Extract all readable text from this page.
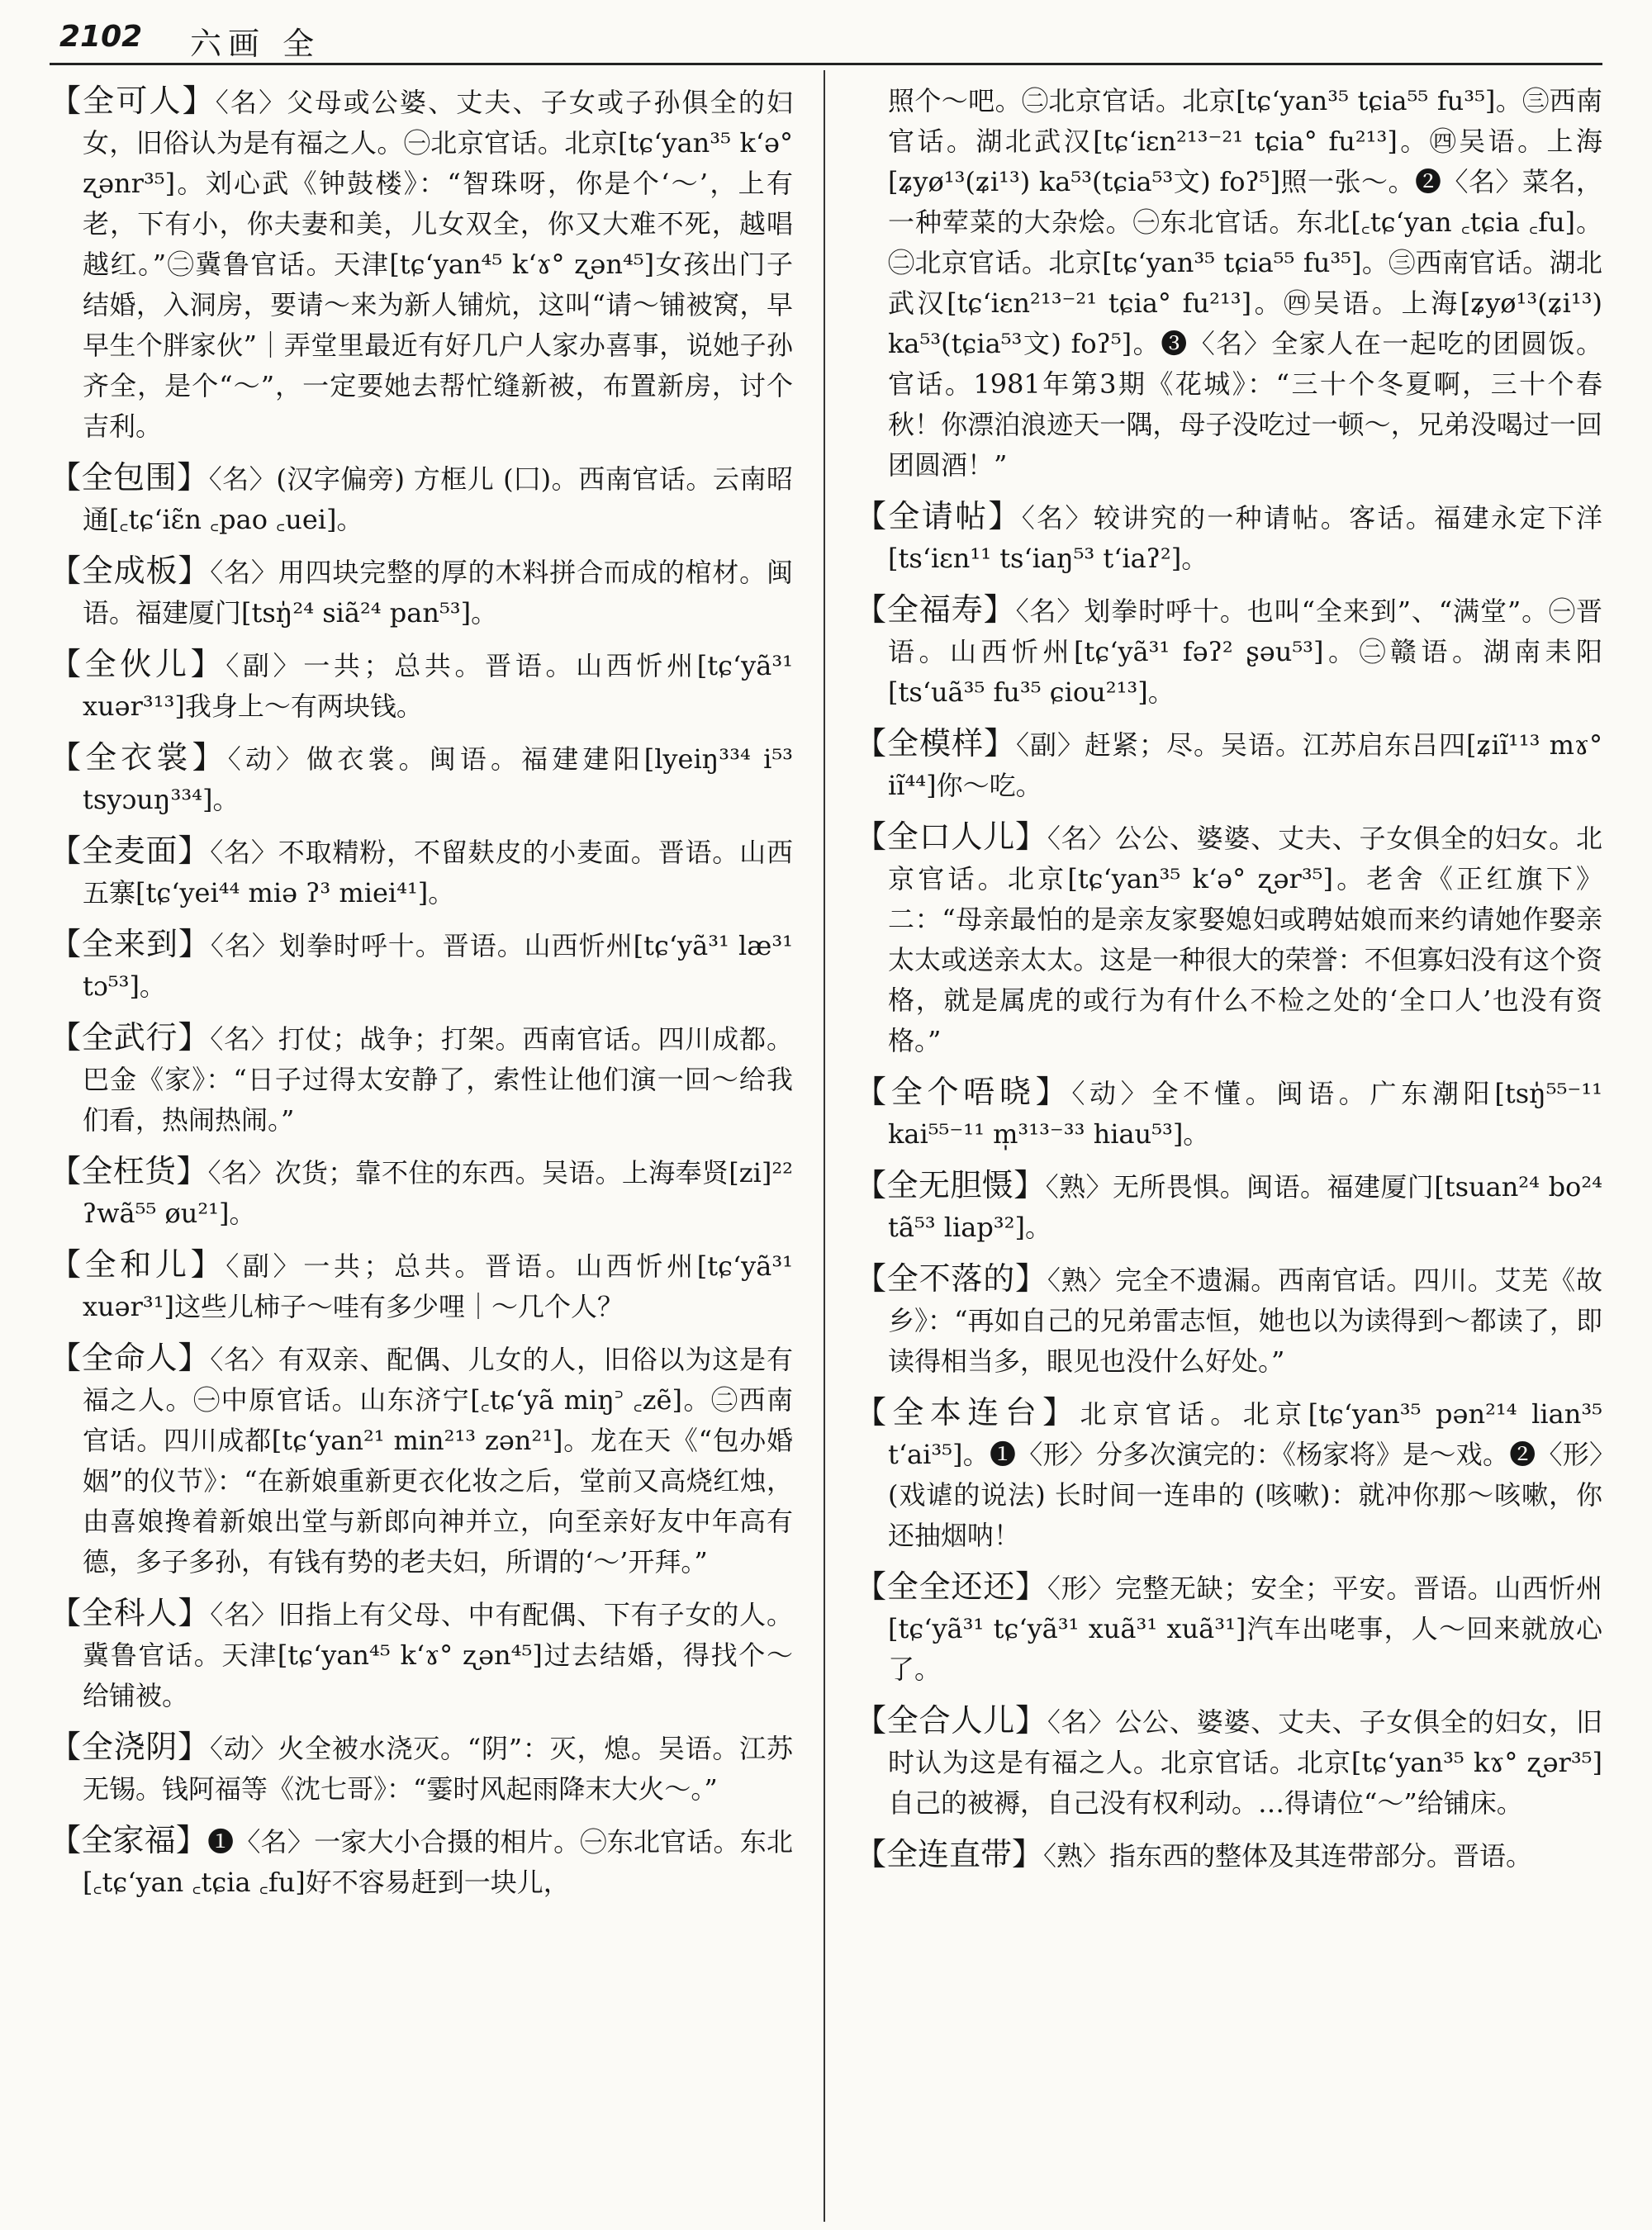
2102 六画 全

【全可人】〈名〉父母或公婆、丈夫、子女或子孙俱全的妇女，旧俗认为是有福之人。㊀北京官话。北京[tɕʻyan³⁵ kʻə° ʐənr³⁵]。刘心武《钟鼓楼》：“智珠呀，你是个‘～’，上有老，下有小，你夫妻和美，儿女双全，你又大难不死，越唱越红。”㊁冀鲁官话。天津[tɕʻyan⁴⁵ kʻɤ° ʐən⁴⁵]女孩出门子结婚，入洞房，要请～来为新人铺炕，这叫“请～铺被窝，早早生个胖家伙”｜弄堂里最近有好几户人家办喜事，说她子孙齐全，是个“～”，一定要她去帮忙缝新被，布置新房，讨个吉利。

【全包围】〈名〉(汉字偏旁) 方框儿 (囗)。西南官话。云南昭通[꜀tɕʻiɛ̃n ꜀pao ꜀uei]。

【全成板】〈名〉用四块完整的厚的木料拼合而成的棺材。闽语。福建厦门[tsŋ̍²⁴ siã²⁴ pan⁵³]。

【全伙儿】〈副〉一共；总共。晋语。山西忻州[tɕʻyã³¹ xuər³¹³]我身上～有两块钱。

【全衣裳】〈动〉做衣裳。闽语。福建建阳[lyeiŋ³³⁴ i⁵³ tsyɔuŋ³³⁴]。

【全麦面】〈名〉不取精粉，不留麸皮的小麦面。晋语。山西五寨[tɕʻyei⁴⁴ miə ʔ³ miei⁴¹]。

【全来到】〈名〉划拳时呼十。晋语。山西忻州[tɕʻyã³¹ læ³¹ tɔ⁵³]。

【全武行】〈名〉打仗；战争；打架。西南官话。四川成都。巴金《家》：“日子过得太安静了，索性让他们演一回～给我们看，热闹热闹。”

【全枉货】〈名〉次货；靠不住的东西。吴语。上海奉贤[zi]²² ʔwã⁵⁵ øu²¹]。

【全和儿】〈副〉一共；总共。晋语。山西忻州[tɕʻyã³¹ xuər³¹]这些儿柿子～哇有多少哩｜～几个人？

【全命人】〈名〉有双亲、配偶、儿女的人，旧俗以为这是有福之人。㊀中原官话。山东济宁[꜀tɕʻyã miŋ꜄ ꜀zẽ]。㊁西南官话。四川成都[tɕʻyan²¹ min²¹³ zən²¹]。龙在天《“包办婚姻”的仪节》：“在新娘重新更衣化妆之后，堂前又高烧红烛，由喜娘搀着新娘出堂与新郎向神并立，向至亲好友中年高有德，多子多孙，有钱有势的老夫妇，所谓的‘～’开拜。”

【全科人】〈名〉旧指上有父母、中有配偶、下有子女的人。冀鲁官话。天津[tɕʻyan⁴⁵ kʻɤ° ʐən⁴⁵]过去结婚，得找个～给铺被。

【全浇阴】〈动〉火全被水浇灭。“阴”：灭，熄。吴语。江苏无锡。钱阿福等《沈七哥》：“霎时风起雨降末大火～。”

【全家福】❶〈名〉一家大小合摄的相片。㊀东北官话。东北[꜀tɕʻyan ꜀tɕia ꜀fu]好不容易赶到一块儿，

照个～吧。㊁北京官话。北京[tɕʻyan³⁵ tɕia⁵⁵ fu³⁵]。㊂西南官话。湖北武汉[tɕʻiɛn²¹³⁻²¹ tɕia° fu²¹³]。㊃吴语。上海[ʑyø¹³(ʑi¹³) ka⁵³(tɕia⁵³文) foʔ⁵]照一张～。❷〈名〉菜名，一种荤菜的大杂烩。㊀东北官话。东北[꜀tɕʻyan ꜀tɕia ꜀fu]。㊁北京官话。北京[tɕʻyan³⁵ tɕia⁵⁵ fu³⁵]。㊂西南官话。湖北武汉[tɕʻiɛn²¹³⁻²¹ tɕia° fu²¹³]。㊃吴语。上海[ʑyø¹³(ʑi¹³) ka⁵³(tɕia⁵³文) foʔ⁵]。❸〈名〉全家人在一起吃的团圆饭。官话。1981年第3期《花城》：“三十个冬夏啊，三十个春秋！你漂泊浪迹天一隅，母子没吃过一顿～，兄弟没喝过一回团圆酒！”

【全请帖】〈名〉较讲究的一种请帖。客话。福建永定下洋[tsʻiɛn¹¹ tsʻiaŋ⁵³ tʻiaʔ²]。

【全福寿】〈名〉划拳时呼十。也叫“全来到”、“满堂”。㊀晋语。山西忻州[tɕʻyã³¹ fəʔ² ʂəu⁵³]。㊁赣语。湖南耒阳[tsʻuã³⁵ fu³⁵ ɕiou²¹³]。

【全模样】〈副〉赶紧；尽。吴语。江苏启东吕四[ʑiĩ¹¹³ mɤ° iĩ⁴⁴]你～吃。

【全口人儿】〈名〉公公、婆婆、丈夫、子女俱全的妇女。北京官话。北京[tɕʻyan³⁵ kʻə° ʐər³⁵]。老舍《正红旗下》二：“母亲最怕的是亲友家娶媳妇或聘姑娘而来约请她作娶亲太太或送亲太太。这是一种很大的荣誉：不但寡妇没有这个资格，就是属虎的或行为有什么不检之处的‘全口人’也没有资格。”

【全个唔晓】〈动〉全不懂。闽语。广东潮阳[tsŋ̍⁵⁵⁻¹¹ kai⁵⁵⁻¹¹ m̩³¹³⁻³³ hiau⁵³]。

【全无胆慑】〈熟〉无所畏惧。闽语。福建厦门[tsuan²⁴ bo²⁴ tã⁵³ liap³²]。

【全不落的】〈熟〉完全不遗漏。西南官话。四川。艾芜《故乡》：“再如自己的兄弟雷志恒，她也以为读得到～都读了，即读得相当多，眼见也没什么好处。”

【全本连台】北京官话。北京[tɕʻyan³⁵ pən²¹⁴ lian³⁵ tʻai³⁵]。❶〈形〉分多次演完的：《杨家将》是～戏。❷〈形〉(戏谑的说法) 长时间一连串的 (咳嗽)：就冲你那～咳嗽，你还抽烟呐！

【全全还还】〈形〉完整无缺；安全；平安。晋语。山西忻州[tɕʻyã³¹ tɕʻyã³¹ xuã³¹ xuã³¹]汽车出咾事，人～回来就放心了。

【全合人儿】〈名〉公公、婆婆、丈夫、子女俱全的妇女，旧时认为这是有福之人。北京官话。北京[tɕʻyan³⁵ kɤ° ʐər³⁵]自己的被褥，自己没有权利动。…得请位“～”给铺床。

【全连直带】〈熟〉指东西的整体及其连带部分。晋语。
